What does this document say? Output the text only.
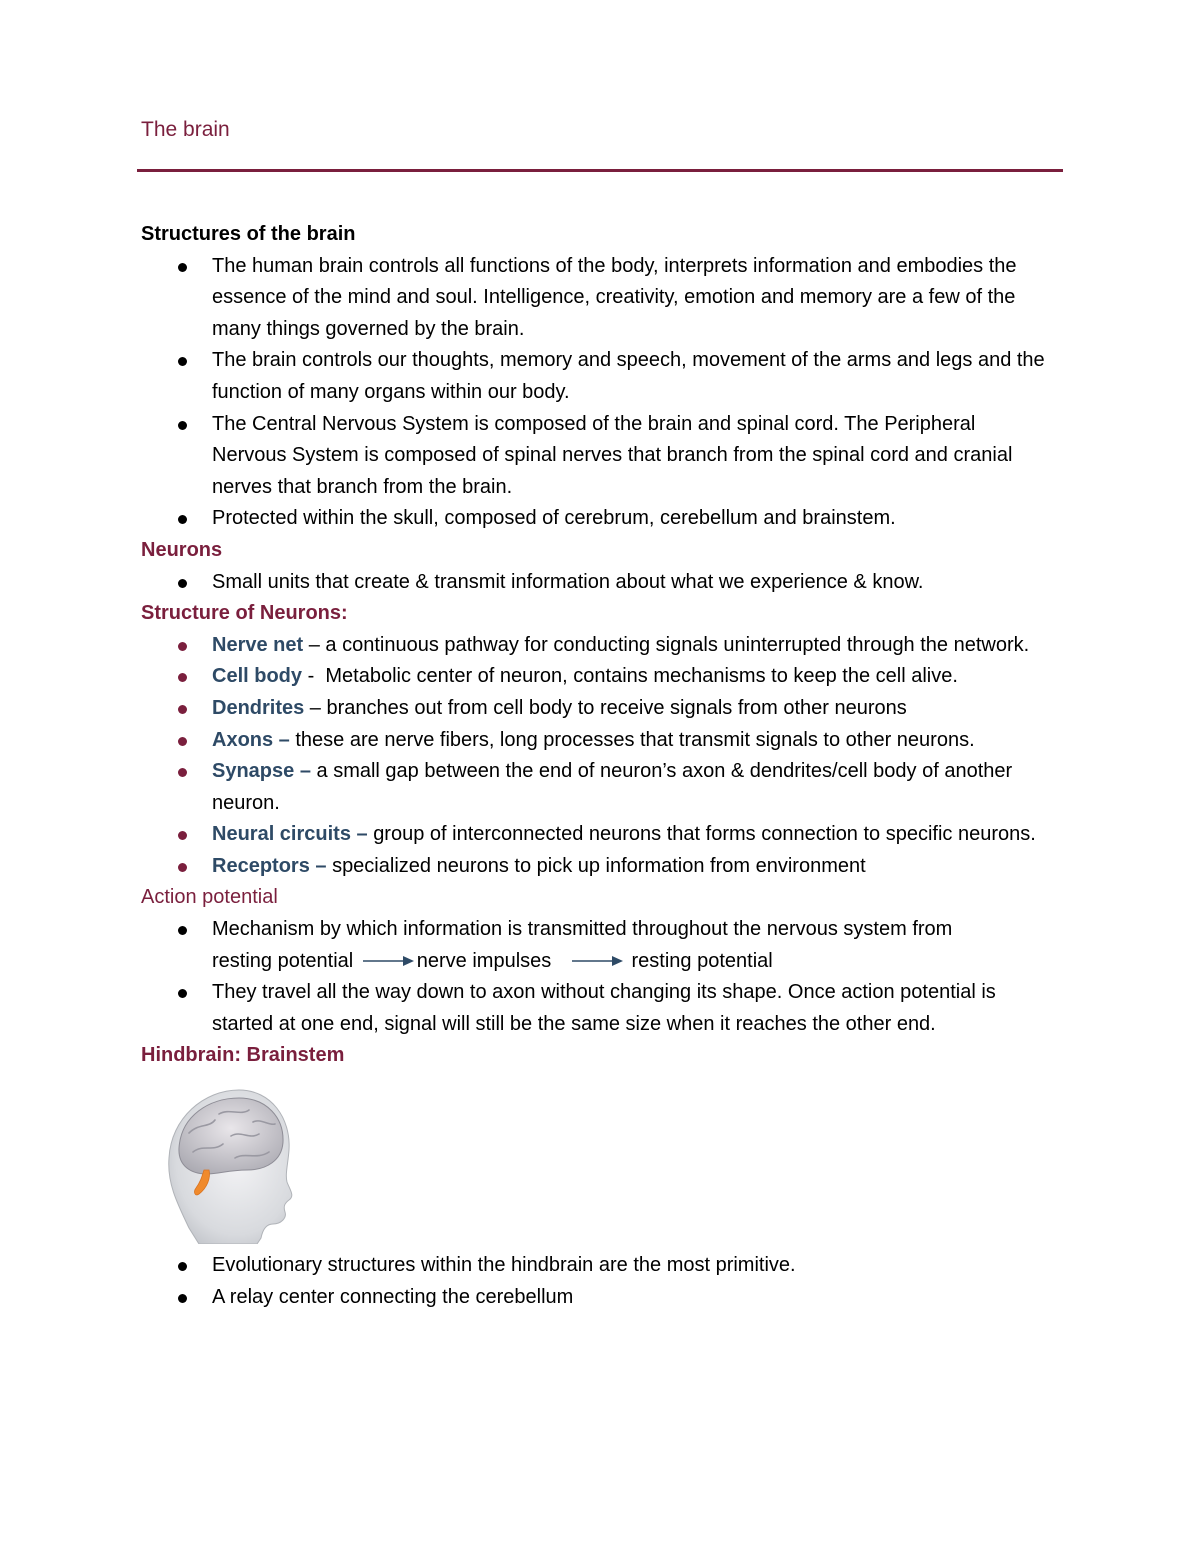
The brain
Structures of the brain
The human brain controls all functions of the body, interprets information and embodies the essence of the mind and soul. Intelligence, creativity, emotion and memory are a few of the many things governed by the brain.
The brain controls our thoughts, memory and speech, movement of the arms and legs and the function of many organs within our body.
The Central Nervous System is composed of the brain and spinal cord. The Peripheral Nervous System is composed of spinal nerves that branch from the spinal cord and cranial nerves that branch from the brain.
Protected within the skull, composed of cerebrum, cerebellum and brainstem.
Neurons
Small units that create & transmit information about what we experience & know.
Structure of Neurons:
Nerve net – a continuous pathway for conducting signals uninterrupted through the network.
Cell body -  Metabolic center of neuron, contains mechanisms to keep the cell alive.
Dendrites – branches out from cell body to receive signals from other neurons
Axons – these are nerve fibers, long processes that transmit signals to other neurons.
Synapse – a small gap between the end of neuron’s axon & dendrites/cell body of another neuron.
Neural circuits – group of interconnected neurons that forms connection to specific neurons.
Receptors – specialized neurons to pick up information from environment
Action potential
Mechanism by which information is transmitted throughout the nervous system from
resting potential	nerve impulses	resting potential
They travel all the way down to axon without changing its shape. Once action potential is started at one end, signal will still be the same size when it reaches the other end.
Hindbrain: Brainstem
Evolutionary structures within the hindbrain are the most primitive.
A relay center connecting the cerebellum
